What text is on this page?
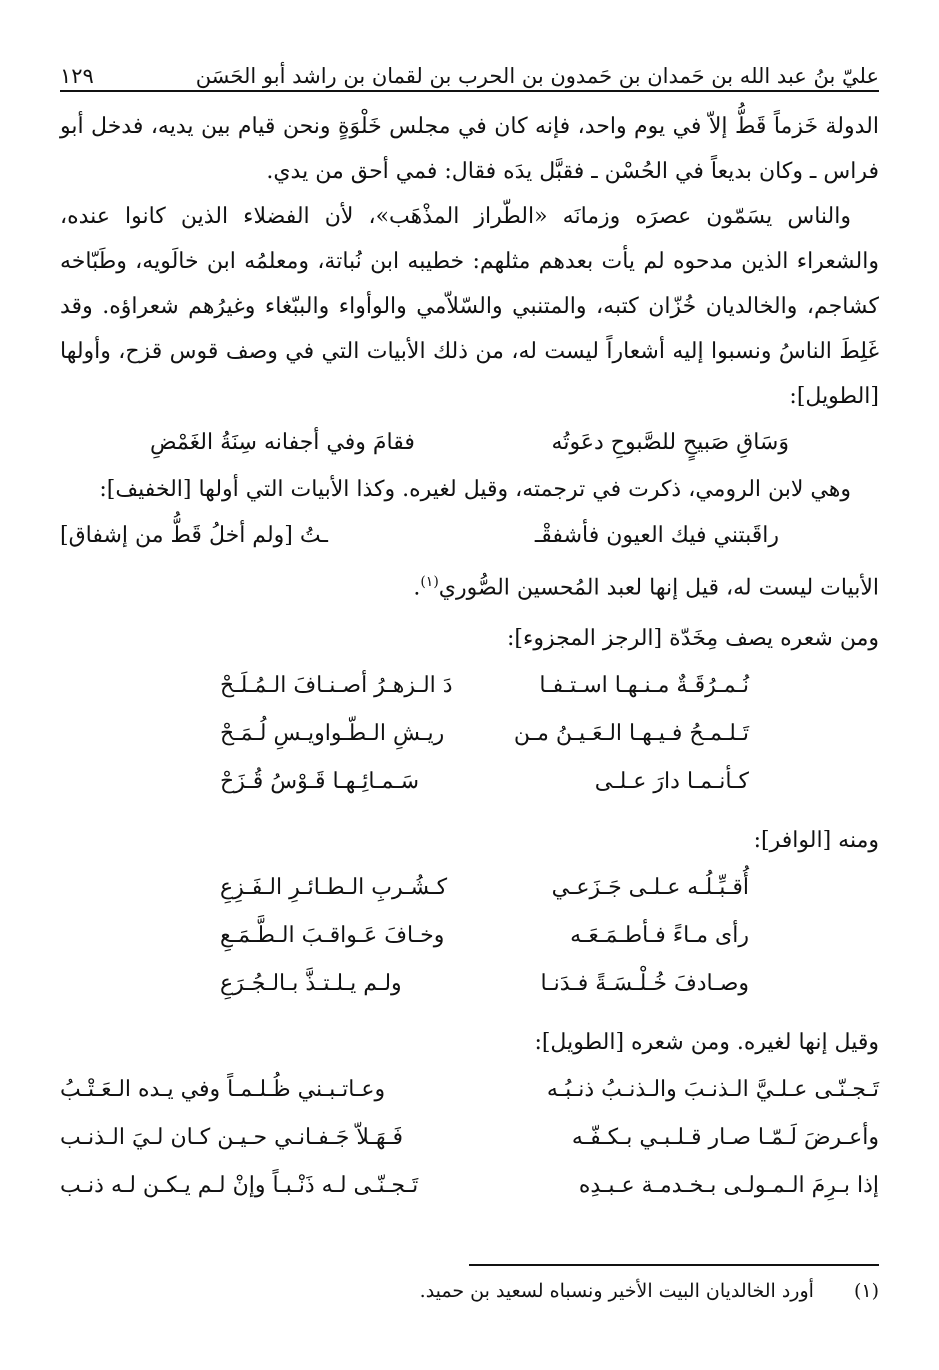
عليّ بنُ عبد الله بن حَمدان بن حَمدون بن الحرب بن لقمان بن راشد أبو الحَسَن
١٢٩

الدولة خَزماً قَطُّ إلاّ في يوم واحد، فإنه كان في مجلس خَلْوَةٍ ونحن قيام بين يديه، فدخل أبو فراس ـ وكان بديعاً في الحُسْن ـ فقبَّل يدَه فقال: فمي أحق من يدي.

والناس يسَمّون عصرَه وزمانَه «الطّراز المذْهَب»، لأن الفضلاء الذين كانوا عنده، والشعراء الذين مدحوه لم يأت بعدهم مثلهم: خطيبه ابن نُباتة، ومعلمُه ابن خالَويه، وطَبّاخه كشاجم، والخالديان خُزّان كتبه، والمتنبي والسّلاّمي والوأواء والببّغاء وغيرُهم شعراؤه. وقد غَلِطَ الناسُ ونسبوا إليه أشعاراً ليست له، من ذلك الأبيات التي في وصف قوس قزح، وأولها [الطويل]:

وَسَاقِ صَبيحٍ للصَّبوحِ دعَوتُه
فقامَ وفي أجفانه سِنَةُ الغَمْضِ

وهي لابن الرومي، ذكرت في ترجمته، وقيل لغيره. وكذا الأبيات التي أولها [الخفيف]:

راقَبتني فيك العيون فأشفقْـ
ـتُ [ولم أخلُ قَطُّ من إشفاق]

الأبيات ليست له، قيل إنها لعبد المُحسين الصُّوري$^{(١)}$.

ومن شعره يصف مِخَدّة [الرجز المجزوء]:
نُـمـرُقَـةٌ مـنـهـا اسـتـفـا
دَ الـزهـرُ أصـنـافَ الـمُـلَـحْ
تَـلـمـحُ فـيـهـا الـعَـيـنُ مـن
ريـشِ الـطّـواويـسِ لُـمَـحْ
كـأنـمـا دارَ عـلـى
سَـمـائِـهـا قَـوْسُ قُـزَحْ
ومنه [الوافر]:
أُقـبِّـلُـه عـلـى جَـزَعـي
كـشُـربِ الـطـائـرِ الـفَـزِعِ
رأى مـاءً فـأطـمَـعَـه
وخـافَ عَـواقـبَ الـطَّـمَـعِ
وصـادفَ خُـلْـسَـةً فـدَنـا
ولـم يـلـتـذَّ بـالـجُـرَعِ
وقيل إنها لغيره. ومن شعره [الطويل]:
تَـجـنّـى عـلـيَّ الـذنـبَ والـذنـبُ ذنـبُـه
وعـاتـبـني ظُـلـمـاً وفي يـده الـعَـتْـبُ
وأعـرضَ لَـمّـا صـار قـلـبـي بـكـفّـه
فَـهَـلاّ جَـفـانـي حـيـن كـان لـيَ الـذنـب
إذا بـرِمَ الـمـولـى بـخـدمـة عـبـدِه
تَـجـنّـى لـه ذَنْـبـاً وإنْ لـم يـكـن لـه ذنـب
(١)
أورد الخالديان البيت الأخير ونسباه لسعيد بن حميد.
